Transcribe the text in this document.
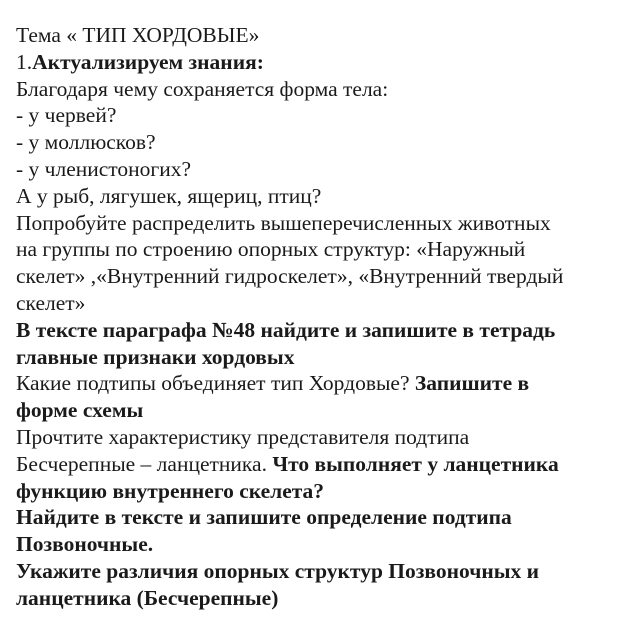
Тема « ТИП ХОРДОВЫЕ»
1.Актуализируем знания:
Благодаря чему сохраняется форма тела:
- у червей?
- у моллюсков?
- у членистоногих?
А у рыб, лягушек, ящериц, птиц?
Попробуйте распределить вышеперечисленных животных
на группы по строению опорных структур: «Наружный
скелет» ,«Внутренний гидроскелет», «Внутренний твердый
скелет»
В тексте параграфа №48 найдите и запишите в тетрадь
главные признаки хордовых
Какие подтипы объединяет тип Хордовые? Запишите в
форме схемы
Прочтите характеристику представителя подтипа
Бесчерепные – ланцетника. Что выполняет у ланцетника
функцию внутреннего скелета?
Найдите в тексте и запишите определение подтипа
Позвоночные.
Укажите различия опорных структур Позвоночных и
ланцетника (Бесчерепные)
